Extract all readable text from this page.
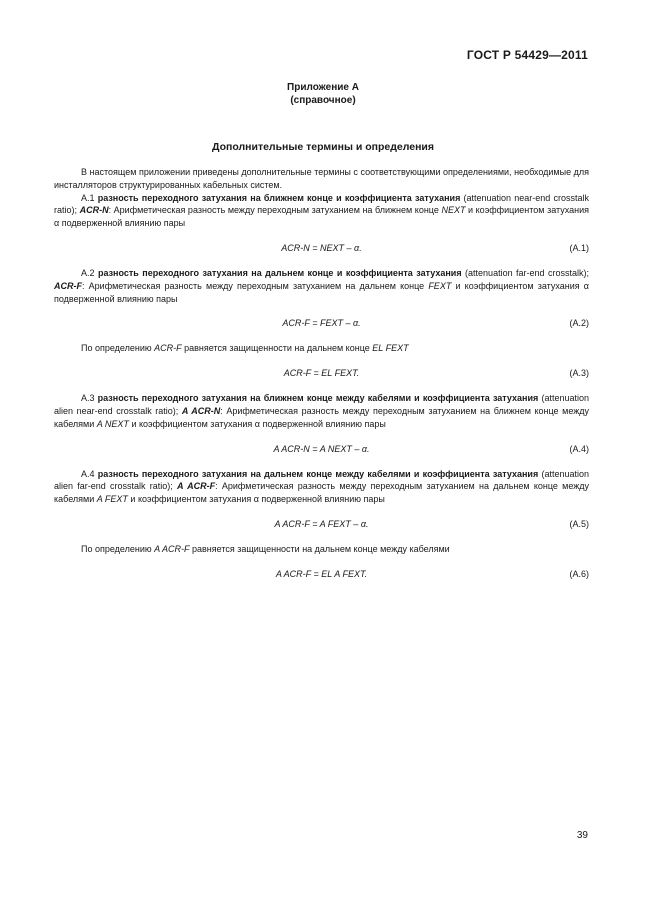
ГОСТ Р 54429—2011
Приложение А
(справочное)
Дополнительные термины и определения

В настоящем приложении приведены дополнительные термины с соответствующими определениями, необходимые для инсталляторов структурированных кабельных систем.

А.1 разность переходного затухания на ближнем конце и коэффициента затухания (attenuation near-end crosstalk ratio); ACR-N: Арифметическая разность между переходным затуханием на ближнем конце NEXT и коэффициентом затухания α подверженной влиянию пары

ACR-N = NEXT – α.	(А.1)

А.2 разность переходного затухания на дальнем конце и коэффициента затухания (attenuation far-end crosstalk); ACR-F: Арифметическая разность между переходным затуханием на дальнем конце FEXT и коэффициентом затухания α подверженной влиянию пары

ACR-F = FEXT – α.	(А.2)

По определению ACR-F равняется защищенности на дальнем конце EL FEXT

ACR-F = EL FEXT.	(А.3)

А.3 разность переходного затухания на ближнем конце между кабелями и коэффициента затухания (attenuation alien near-end crosstalk ratio); A ACR-N: Арифметическая разность между переходным затуханием на ближнем конце между кабелями A NEXT и коэффициентом затухания α подверженной влиянию пары

A ACR-N = A NEXT – α.	(А.4)

А.4 разность переходного затухания на дальнем конце между кабелями и коэффициента затухания (attenuation alien far-end crosstalk ratio); A ACR-F: Арифметическая разность между переходным затуханием на дальнем конце между кабелями A FEXT и коэффициентом затухания α подверженной влиянию пары

A ACR-F = A FEXT – α.	(А.5)

По определению A ACR-F равняется защищенности на дальнем конце между кабелями

A ACR-F = EL A FEXT.	(А.6)
39
